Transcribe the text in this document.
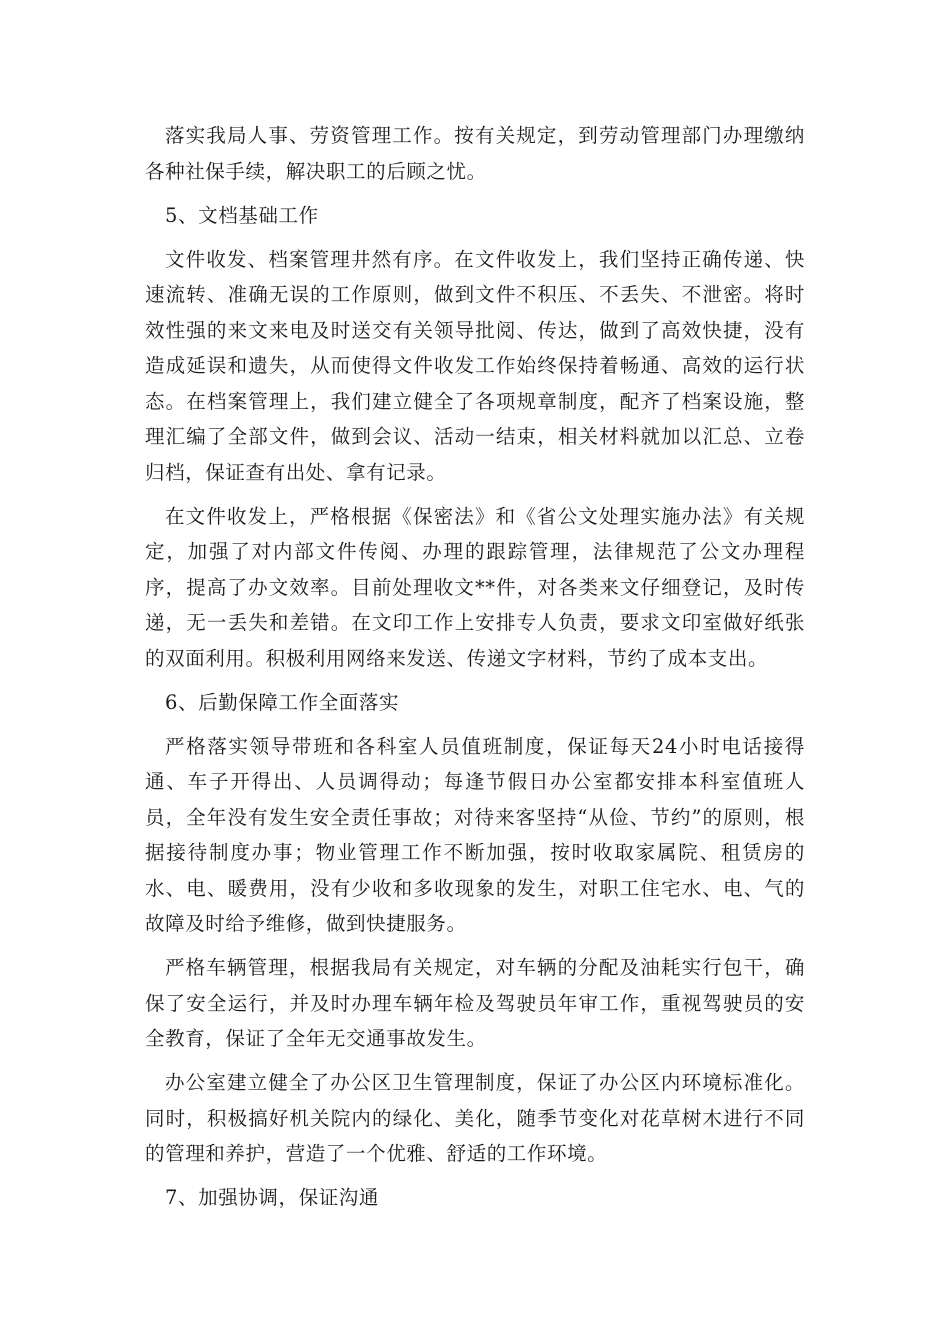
落实我局人事、劳资管理工作。按有关规定，到劳动管理部门办理缴纳各种社保手续，解决职工的后顾之忧。

5、文档基础工作

文件收发、档案管理井然有序。在文件收发上，我们坚持正确传递、快速流转、准确无误的工作原则，做到文件不积压、不丢失、不泄密。将时效性强的来文来电及时送交有关领导批阅、传达，做到了高效快捷，没有造成延误和遗失，从而使得文件收发工作始终保持着畅通、高效的运行状态。在档案管理上，我们建立健全了各项规章制度，配齐了档案设施，整理汇编了全部文件，做到会议、活动一结束，相关材料就加以汇总、立卷归档，保证查有出处、拿有记录。

在文件收发上，严格根据《保密法》和《省公文处理实施办法》有关规定，加强了对内部文件传阅、办理的跟踪管理，法律规范了公文办理程序，提高了办文效率。目前处理收文**件，对各类来文仔细登记，及时传递，无一丢失和差错。在文印工作上安排专人负责，要求文印室做好纸张的双面利用。积极利用网络来发送、传递文字材料，节约了成本支出。

6、后勤保障工作全面落实

严格落实领导带班和各科室人员值班制度，保证每天24小时电话接得通、车子开得出、人员调得动；每逢节假日办公室都安排本科室值班人员，全年没有发生安全责任事故；对待来客坚持“从俭、节约”的原则，根据接待制度办事；物业管理工作不断加强，按时收取家属院、租赁房的水、电、暖费用，没有少收和多收现象的发生，对职工住宅水、电、气的故障及时给予维修，做到快捷服务。

严格车辆管理，根据我局有关规定，对车辆的分配及油耗实行包干，确保了安全运行，并及时办理车辆年检及驾驶员年审工作，重视驾驶员的安全教育，保证了全年无交通事故发生。

办公室建立健全了办公区卫生管理制度，保证了办公区内环境标准化。同时，积极搞好机关院内的绿化、美化，随季节变化对花草树木进行不同的管理和养护，营造了一个优雅、舒适的工作环境。

7、加强协调，保证沟通
